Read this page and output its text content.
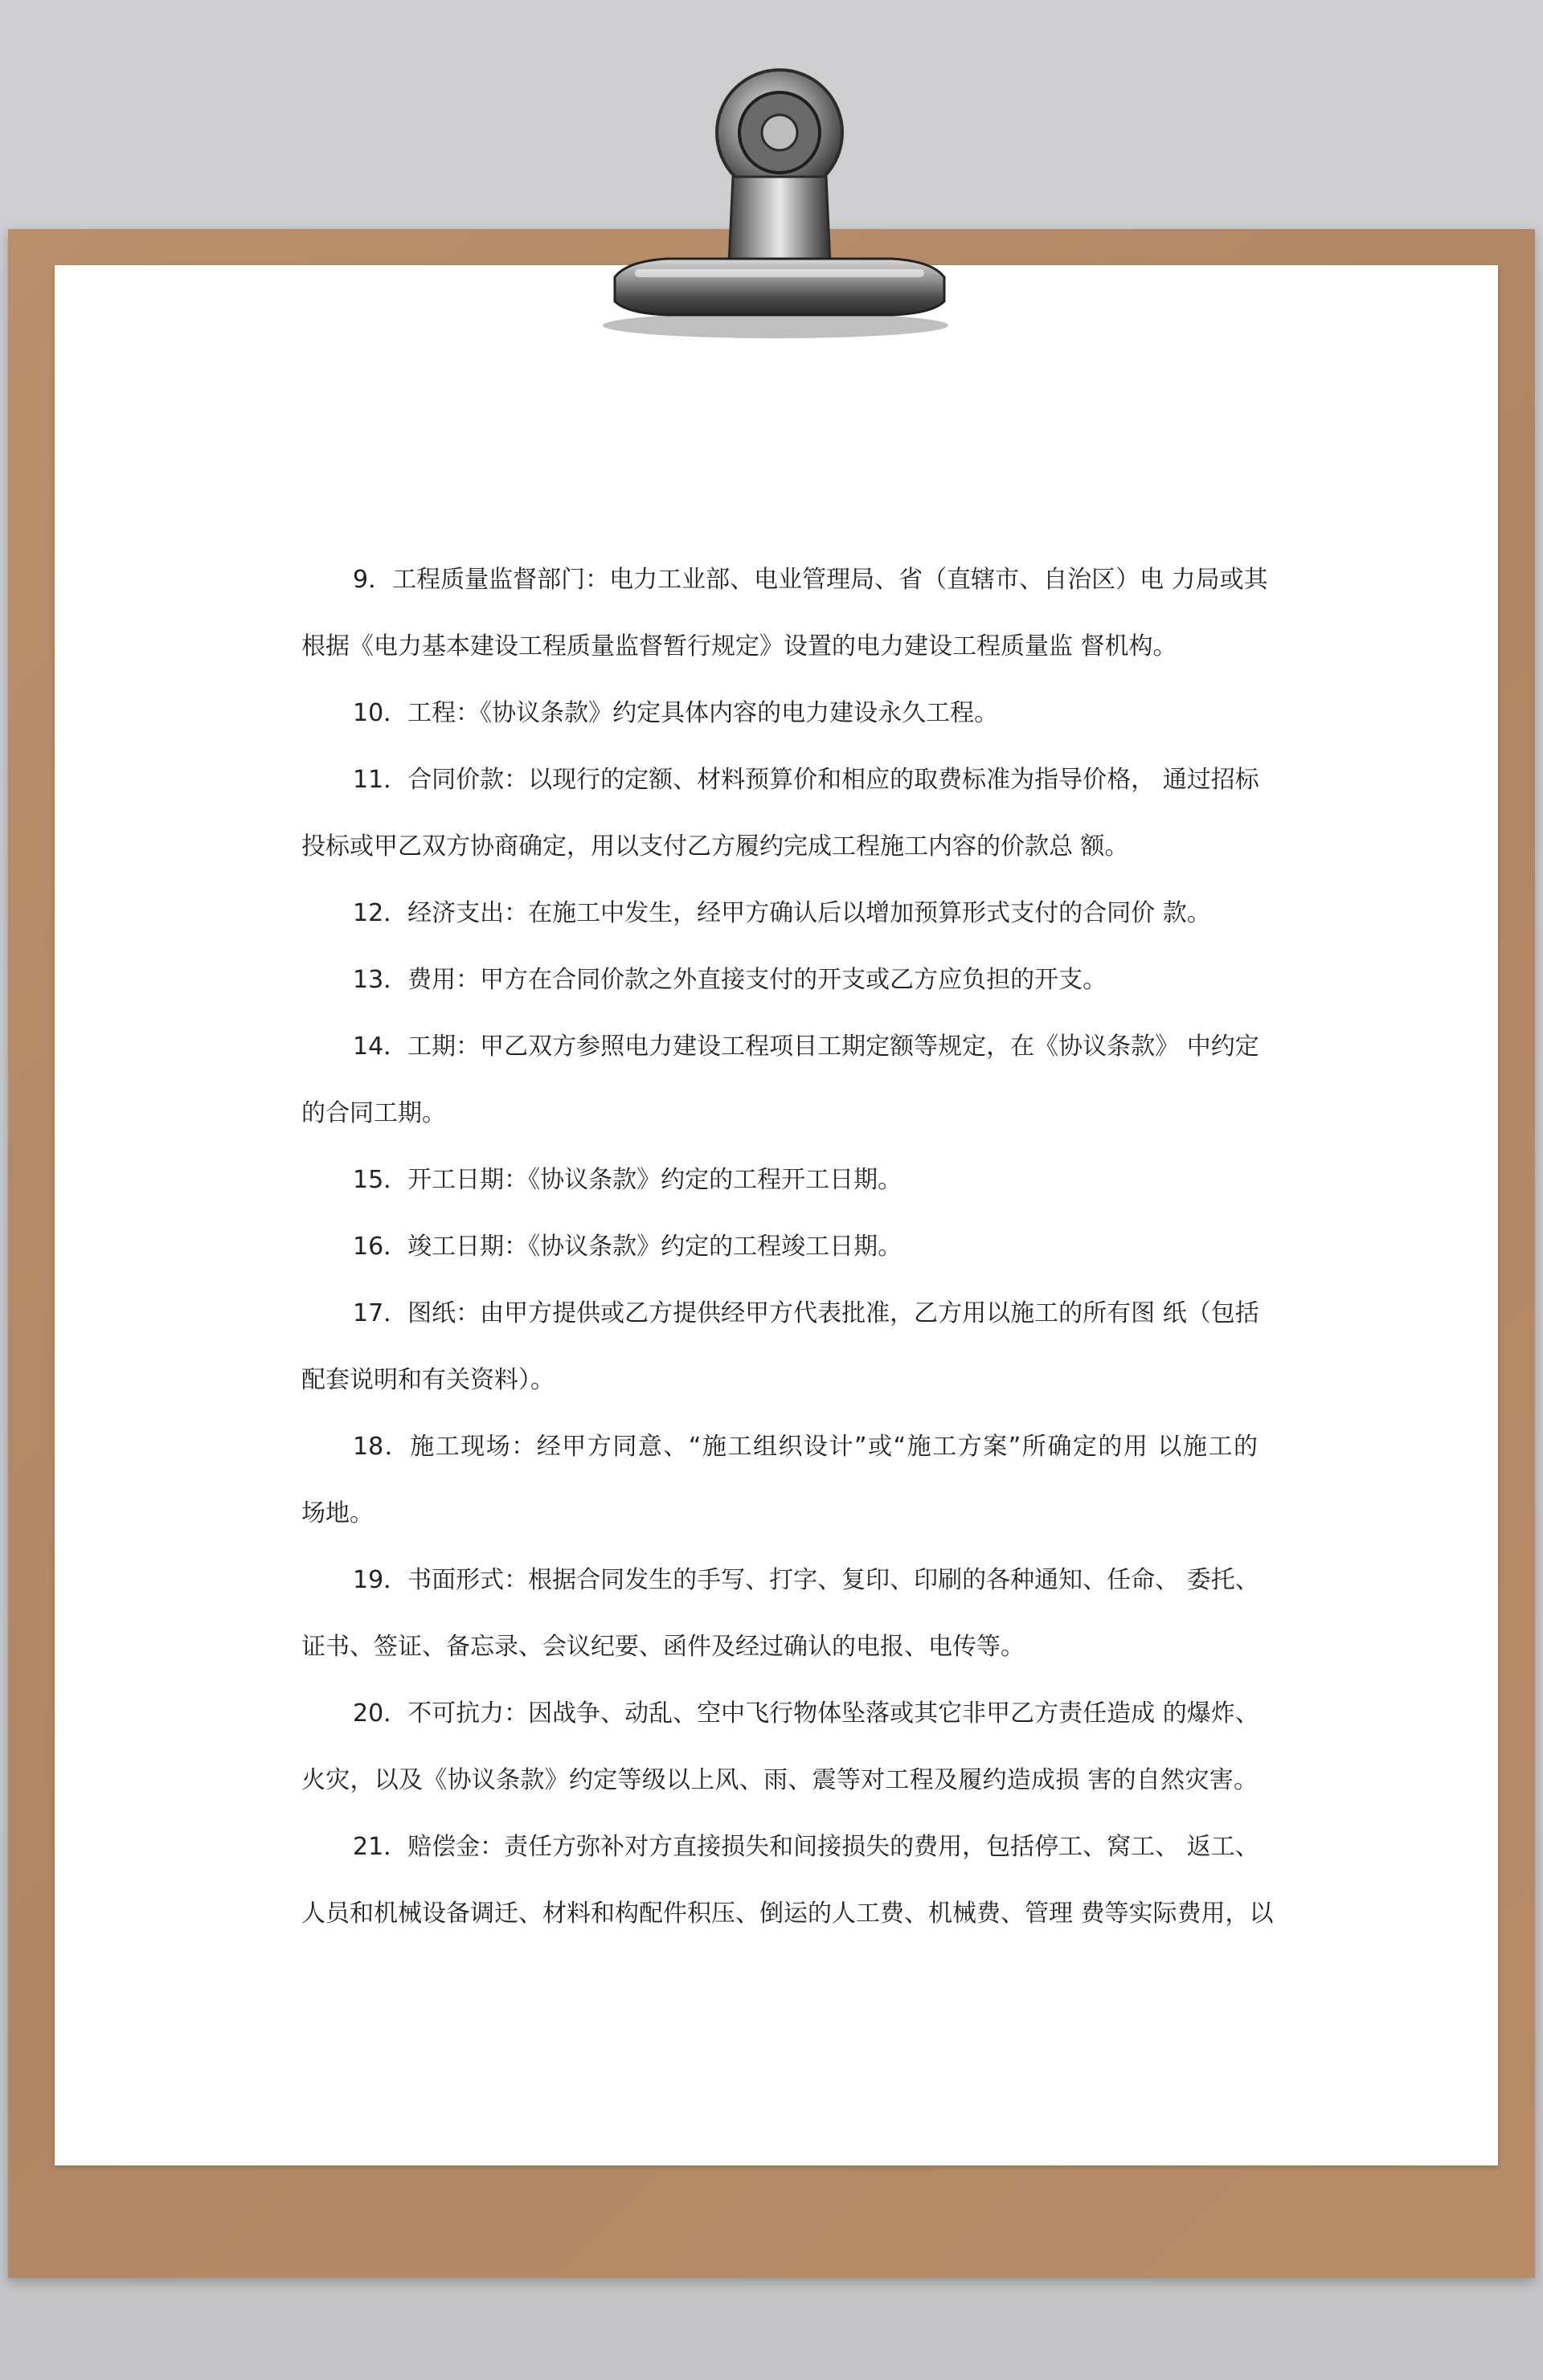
9．工程质量监督部门：电力工业部、电业管理局、省（直辖市、自治区）电 力局或其
根据《电力基本建设工程质量监督暂行规定》设置的电力建设工程质量监 督机构。
10．工程：《协议条款》约定具体内容的电力建设永久工程。
11．合同价款：以现行的定额、材料预算价和相应的取费标准为指导价格， 通过招标
投标或甲乙双方协商确定，用以支付乙方履约完成工程施工内容的价款总 额。
12．经济支出：在施工中发生，经甲方确认后以增加预算形式支付的合同价 款。
13．费用：甲方在合同价款之外直接支付的开支或乙方应负担的开支。
14．工期：甲乙双方参照电力建设工程项目工期定额等规定，在《协议条款》 中约定
的合同工期。
15．开工日期：《协议条款》约定的工程开工日期。
16．竣工日期：《协议条款》约定的工程竣工日期。
17．图纸：由甲方提供或乙方提供经甲方代表批准，乙方用以施工的所有图 纸（包括
配套说明和有关资料）。
18．施工现场：经甲方同意、“施工组织设计”或“施工方案”所确定的用 以施工的
场地。
19．书面形式：根据合同发生的手写、打字、复印、印刷的各种通知、任命、 委托、
证书、签证、备忘录、会议纪要、函件及经过确认的电报、电传等。
20．不可抗力：因战争、动乱、空中飞行物体坠落或其它非甲乙方责任造成 的爆炸、
火灾，以及《协议条款》约定等级以上风、雨、震等对工程及履约造成损 害的自然灾害。
21．赔偿金：责任方弥补对方直接损失和间接损失的费用，包括停工、窝工、 返工、
人员和机械设备调迁、材料和构配件积压、倒运的人工费、机械费、管理 费等实际费用，以
